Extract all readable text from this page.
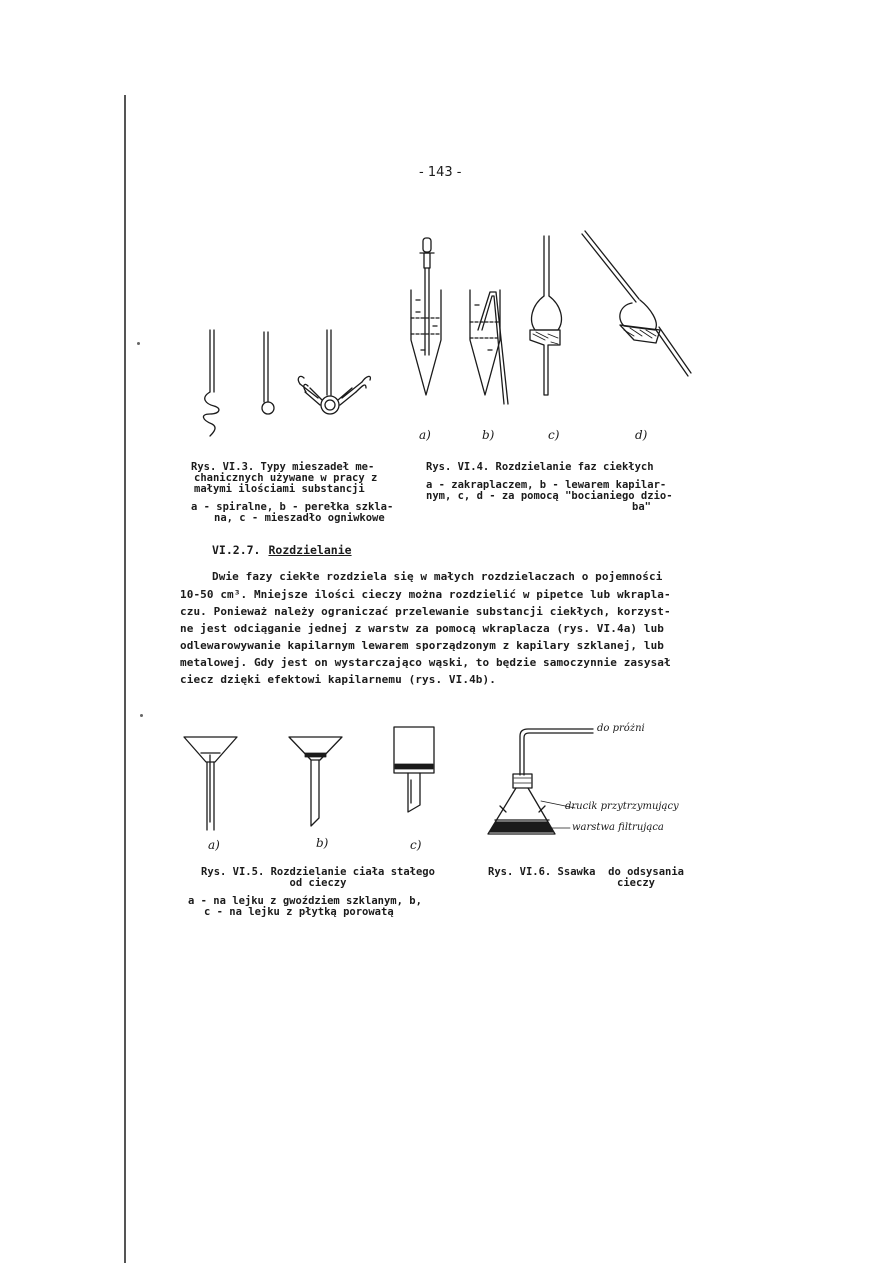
- 143 -
a)	b)	c)	d)
Rys. VI.3. Typy mieszadeł me-
chanicznych używane w pracy z
małymi ilościami substancji
a - spiralne, b - perełka szkla-
na, c - mieszadło ogniwkowe
Rys. VI.4. Rozdzielanie faz ciekłych
a - zakraplaczem, b - lewarem kapilar-
nym, c, d - za pomocą "bocianiego dzio-
ba"
VI.2.7. Rozdzielanie
Dwie fazy ciekłe rozdziela się w małych rozdzielaczach o pojemności
10-50 cm³. Mniejsze ilości cieczy można rozdzielić w pipetce lub wkrapla-
czu. Ponieważ należy ograniczać przelewanie substancji ciekłych, korzyst-
ne jest odciąganie jednej z warstw za pomocą wkraplacza (rys. VI.4a) lub
odlewarowywanie kapilarnym lewarem sporządzonym z kapilary szklanej, lub
metalowej. Gdy jest on wystarczająco wąski, to będzie samoczynnie zasysał
ciecz dzięki efektowi kapilarnemu (rys. VI.4b).
a)	b)	c)
do próżni
drucik przytrzymujący
warstwa filtrująca
Rys. VI.5. Rozdzielanie ciała stałego
od cieczy
a - na lejku z gwoździem szklanym, b,
c - na lejku z płytką porowatą
Rys. VI.6. Ssawka  do odsysania
cieczy
